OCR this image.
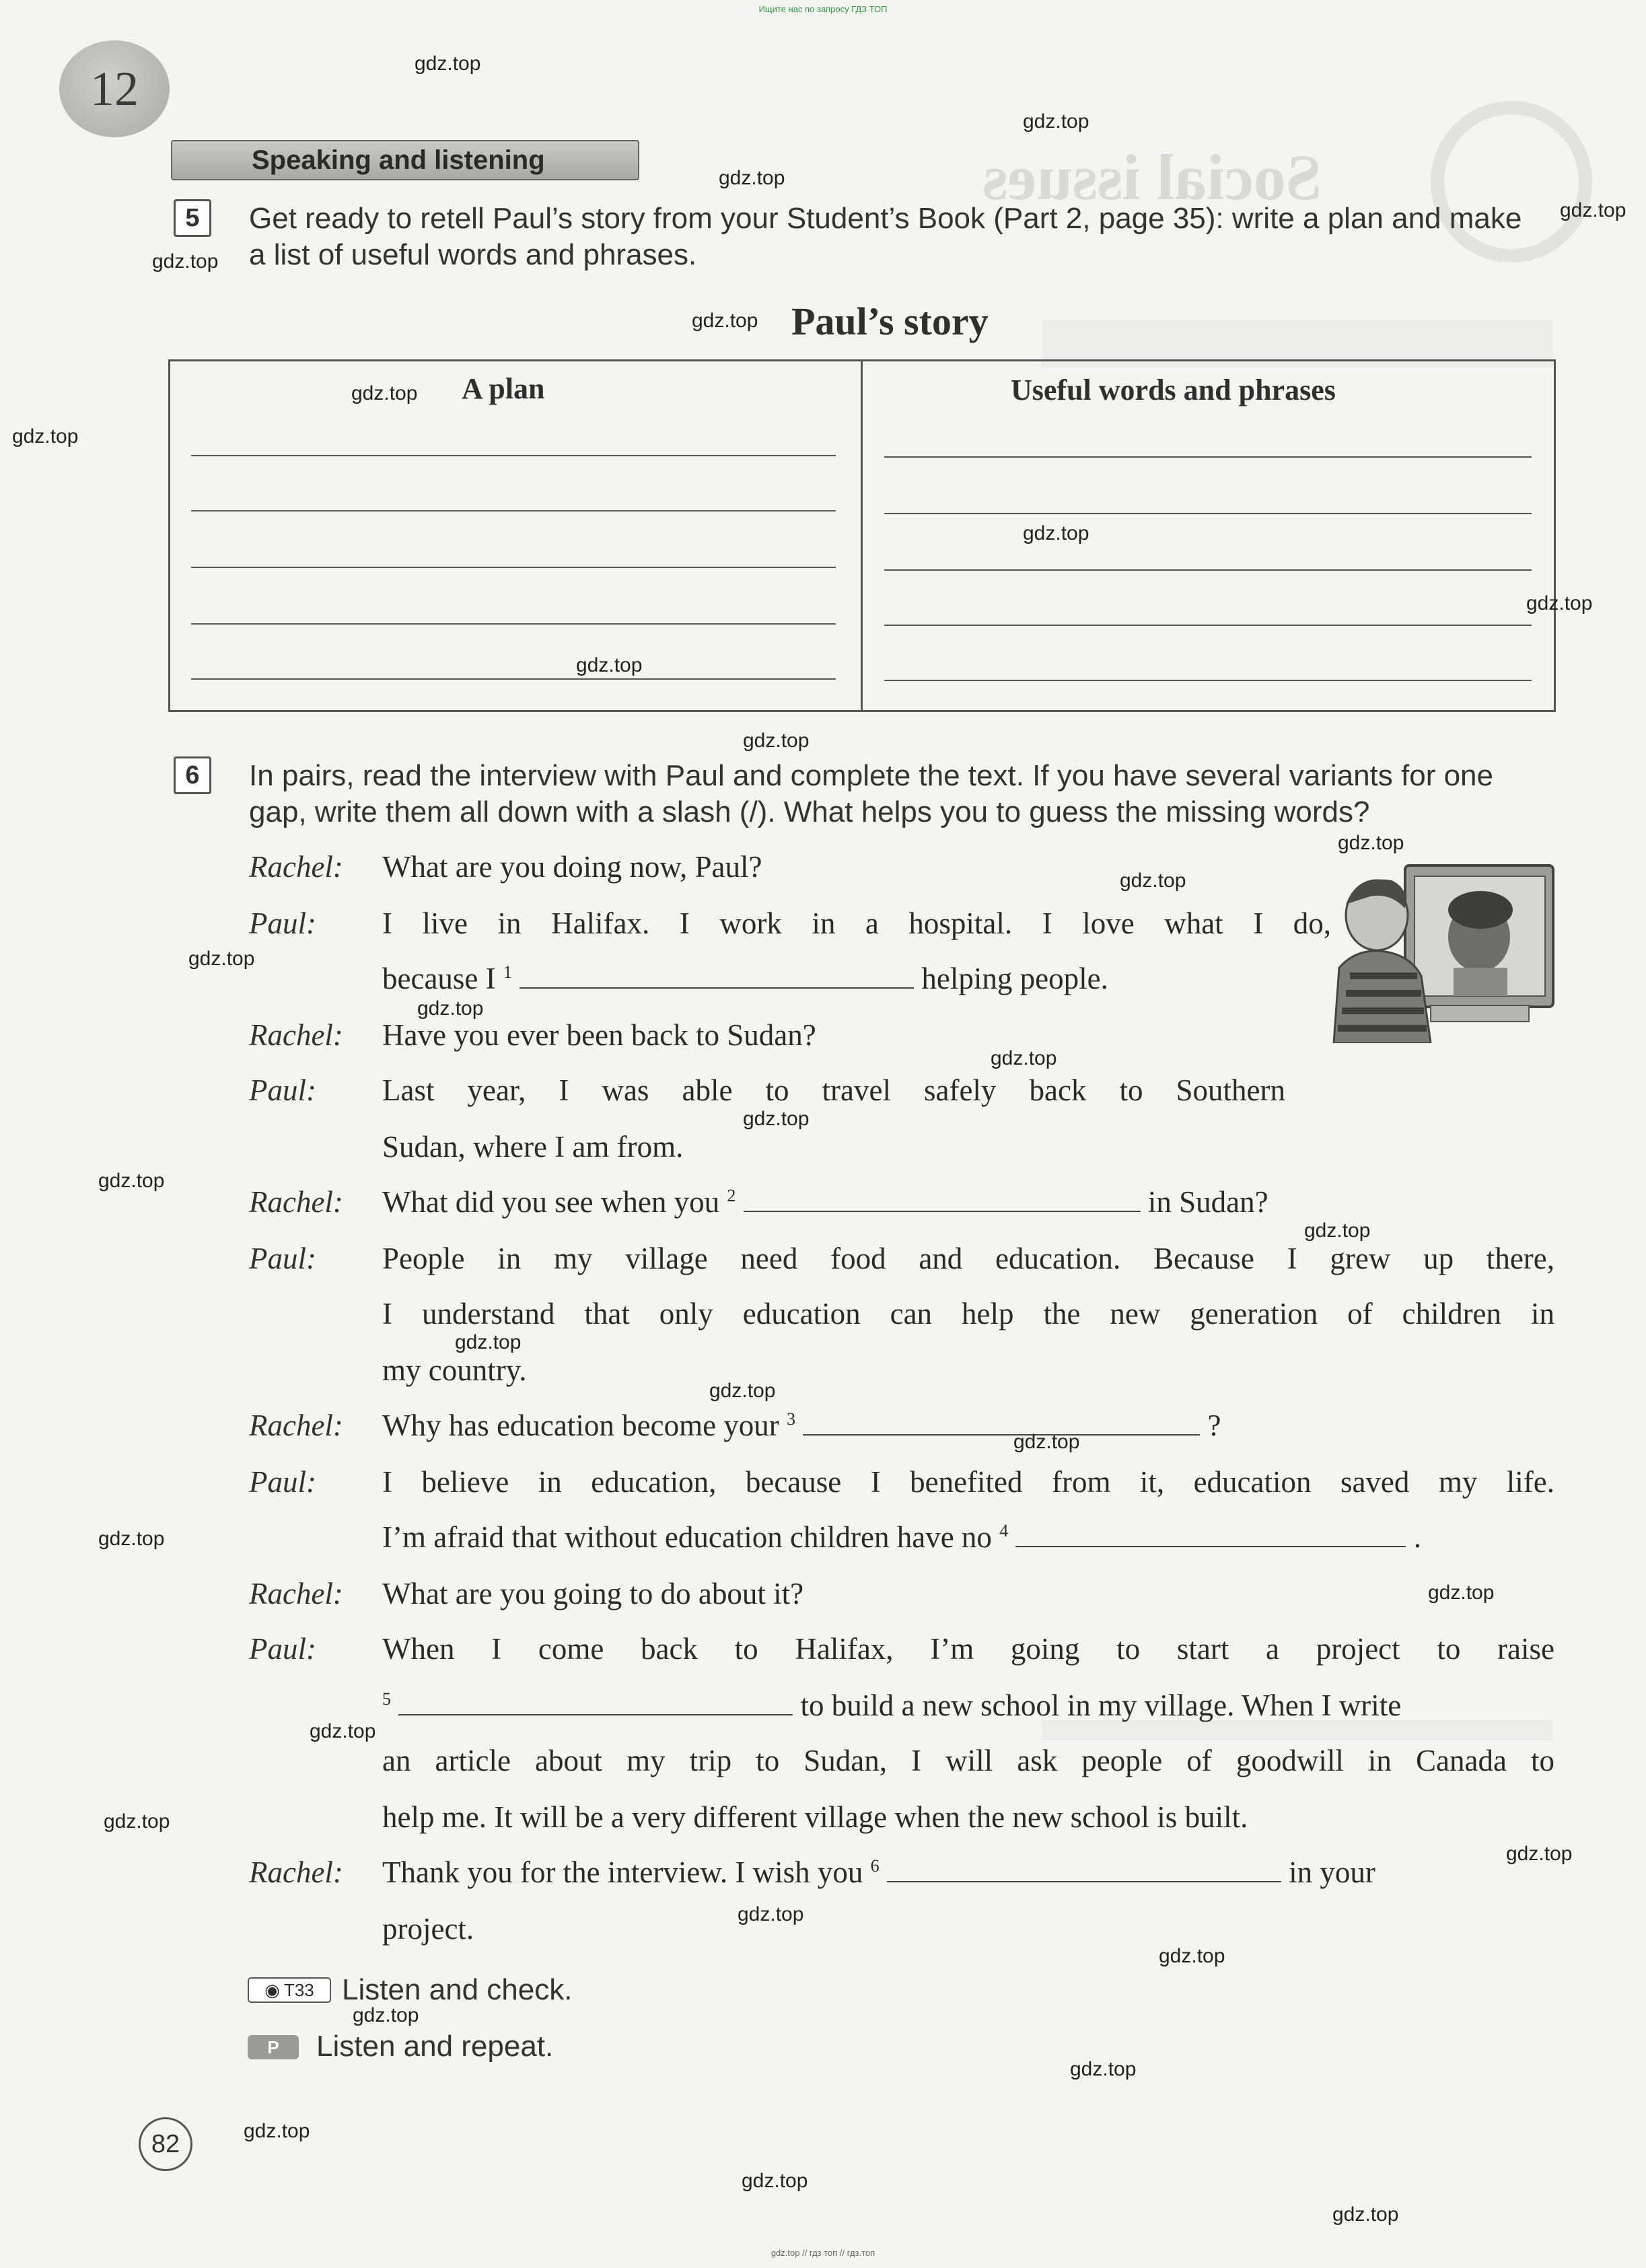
Ищите нас по запросу ГДЗ ТОП
gdz.top // гдз топ // гдз.топ
Social issues
12
Speaking and listening
5	Get ready to retell Paul’s story from your Student’s Book (Part 2, page 35): write a plan and make
a list of useful words and phrases.
Paul’s story
A plan	Useful words and phrases
6	In pairs, read the interview with Paul and complete the text. If you have several variants for one
gap, write them all down with a slash (/). What helps you to guess the missing words?
Rachel: What are you doing now, Paul?
Paul: I live in Halifax. I work in a hospital. I love what I do,
because I $^1$	helping people.
Rachel: Have you ever been back to Sudan?
Paul: Last year, I was able to travel safely back to Southern
Sudan, where I am from.
Rachel: What did you see when you $^2$	in Sudan?
Paul: People in my village need food and education. Because I grew up there,
I understand that only education can help the new generation of children in
my country.
Rachel: Why has education become your $^3$	?
Paul: I believe in education, because I benefited from it, education saved my life.
I’m afraid that without education children have no $^4$	.
Rachel: What are you going to do about it?
Paul: When I come back to Halifax, I’m going to start a project to raise
$^5$	to build a new school in my village. When I write
an article about my trip to Sudan, I will ask people of goodwill in Canada to
help me. It will be a very different village when the new school is built.
Rachel: Thank you for the interview. I wish you $^6$	in your
project.
◉ T33 Listen and check.
P	Listen and repeat.
82
gdz.top
gdz.top
gdz.top
gdz.top
gdz.top
gdz.top
gdz.top
gdz.top
gdz.top
gdz.top
gdz.top
gdz.top
gdz.top
gdz.top
gdz.top
gdz.top
gdz.top
gdz.top
gdz.top
gdz.top
gdz.top
gdz.top
gdz.top
gdz.top
gdz.top
gdz.top
gdz.top
gdz.top
gdz.top
gdz.top
gdz.top
gdz.top
gdz.top
gdz.top
gdz.top
